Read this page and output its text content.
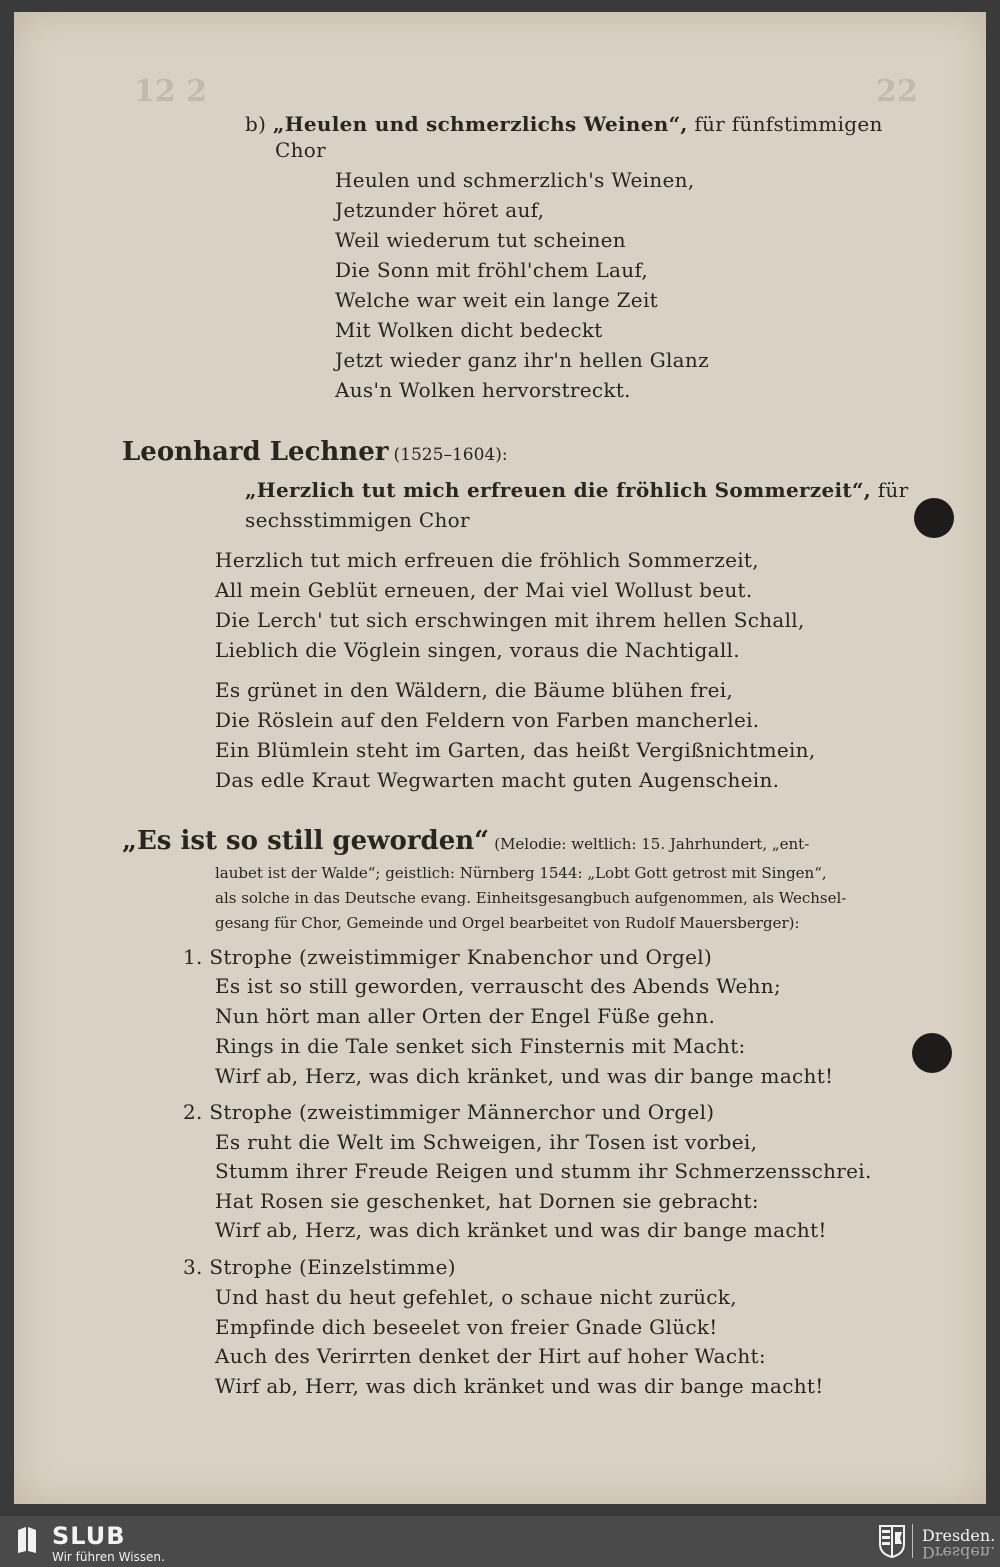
12 2	22
b) „Heulen und schmerzlichs Weinen“, für fünfstimmigen
Chor
Heulen und schmerzlich's Weinen,
Jetzunder höret auf,
Weil wiederum tut scheinen
Die Sonn mit fröhl'chem Lauf,
Welche war weit ein lange Zeit
Mit Wolken dicht bedeckt
Jetzt wieder ganz ihr'n hellen Glanz
Aus'n Wolken hervorstreckt.
Leonhard Lechner (1525–1604):
„Herzlich tut mich erfreuen die fröhlich Sommerzeit“, für
sechsstimmigen Chor
Herzlich tut mich erfreuen die fröhlich Sommerzeit,
All mein Geblüt erneuen, der Mai viel Wollust beut.
Die Lerch' tut sich erschwingen mit ihrem hellen Schall,
Lieblich die Vöglein singen, voraus die Nachtigall.
Es grünet in den Wäldern, die Bäume blühen frei,
Die Röslein auf den Feldern von Farben mancherlei.
Ein Blümlein steht im Garten, das heißt Vergißnichtmein,
Das edle Kraut Wegwarten macht guten Augenschein.
„Es ist so still geworden“ (Melodie: weltlich: 15. Jahrhundert, „ent-
laubet ist der Walde“; geistlich: Nürnberg 1544: „Lobt Gott getrost mit Singen“,
als solche in das Deutsche evang. Einheitsgesangbuch aufgenommen, als Wechsel-
gesang für Chor, Gemeinde und Orgel bearbeitet von Rudolf Mauersberger):
1. Strophe (zweistimmiger Knabenchor und Orgel)
Es ist so still geworden, verrauscht des Abends Wehn;
Nun hört man aller Orten der Engel Füße gehn.
Rings in die Tale senket sich Finsternis mit Macht:
Wirf ab, Herz, was dich kränket, und was dir bange macht!
2. Strophe (zweistimmiger Männerchor und Orgel)
Es ruht die Welt im Schweigen, ihr Tosen ist vorbei,
Stumm ihrer Freude Reigen und stumm ihr Schmerzensschrei.
Hat Rosen sie geschenket, hat Dornen sie gebracht:
Wirf ab, Herz, was dich kränket und was dir bange macht!
3. Strophe (Einzelstimme)
Und hast du heut gefehlet, o schaue nicht zurück,
Empfinde dich beseelet von freier Gnade Glück!
Auch des Verirrten denket der Hirt auf hoher Wacht:
Wirf ab, Herr, was dich kränket und was dir bange macht!
SLUB
Wir führen Wissen.
Dresden.
Dresden.
